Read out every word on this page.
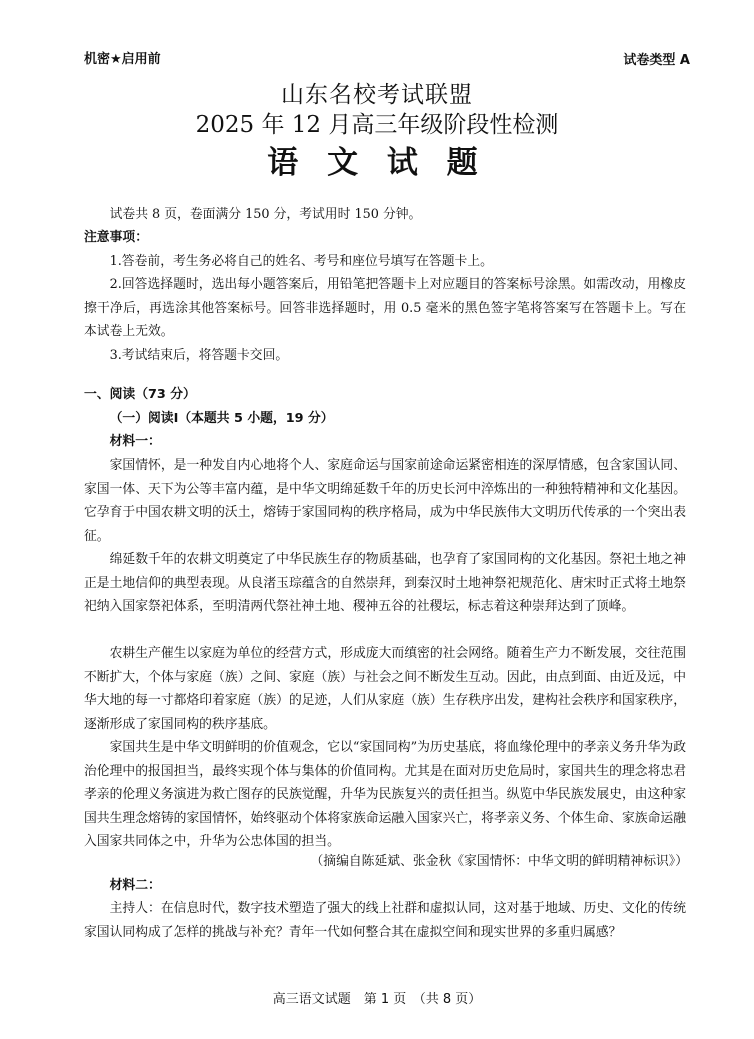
机密★启用前	试卷类型 A
山东名校考试联盟
2025 年 12 月高三年级阶段性检测
语 文 试 题
试卷共 8 页，卷面满分 150 分，考试用时 150 分钟。
注意事项：
1.答卷前，考生务必将自己的姓名、考号和座位号填写在答题卡上。
2.回答选择题时，选出每小题答案后，用铅笔把答题卡上对应题目的答案标号涂黑。如需改动，用橡皮擦干净后，再选涂其他答案标号。回答非选择题时，用 0.5 毫米的黑色签字笔将答案写在答题卡上。写在本试卷上无效。
3.考试结束后，将答题卡交回。
一、阅读（73 分）
（一）阅读Ⅰ（本题共 5 小题，19 分）
材料一：
家国情怀，是一种发自内心地将个人、家庭命运与国家前途命运紧密相连的深厚情感，包含家国认同、家国一体、天下为公等丰富内蕴，是中华文明绵延数千年的历史长河中淬炼出的一种独特精神和文化基因。它孕育于中国农耕文明的沃土，熔铸于家国同构的秩序格局，成为中华民族伟大文明历代传承的一个突出表征。
绵延数千年的农耕文明奠定了中华民族生存的物质基础，也孕育了家国同构的文化基因。祭祀土地之神正是土地信仰的典型表现。从良渚玉琮蕴含的自然崇拜，到秦汉时土地神祭祀规范化、唐宋时正式将土地祭祀纳入国家祭祀体系，至明清两代祭社神土地、稷神五谷的社稷坛，标志着这种崇拜达到了顶峰。
农耕生产催生以家庭为单位的经营方式，形成庞大而缜密的社会网络。随着生产力不断发展，交往范围不断扩大，个体与家庭（族）之间、家庭（族）与社会之间不断发生互动。因此，由点到面、由近及远，中华大地的每一寸都烙印着家庭（族）的足迹，人们从家庭（族）生存秩序出发，建构社会秩序和国家秩序，逐渐形成了家国同构的秩序基底。
家国共生是中华文明鲜明的价值观念，它以“家国同构”为历史基底，将血缘伦理中的孝亲义务升华为政治伦理中的报国担当，最终实现个体与集体的价值同构。尤其是在面对历史危局时，家国共生的理念将忠君孝亲的伦理义务演进为救亡图存的民族觉醒，升华为民族复兴的责任担当。纵览中华民族发展史，由这种家国共生理念熔铸的家国情怀，始终驱动个体将家族命运融入国家兴亡，将孝亲义务、个体生命、家族命运融入国家共同体之中，升华为公忠体国的担当。
（摘编自陈延斌、张金秋《家国情怀：中华文明的鲜明精神标识》）
材料二：
主持人：在信息时代，数字技术塑造了强大的线上社群和虚拟认同，这对基于地域、历史、文化的传统家国认同构成了怎样的挑战与补充？青年一代如何整合其在虚拟空间和现实世界的多重归属感？
高三语文试题　第 1 页　（共 8 页）
